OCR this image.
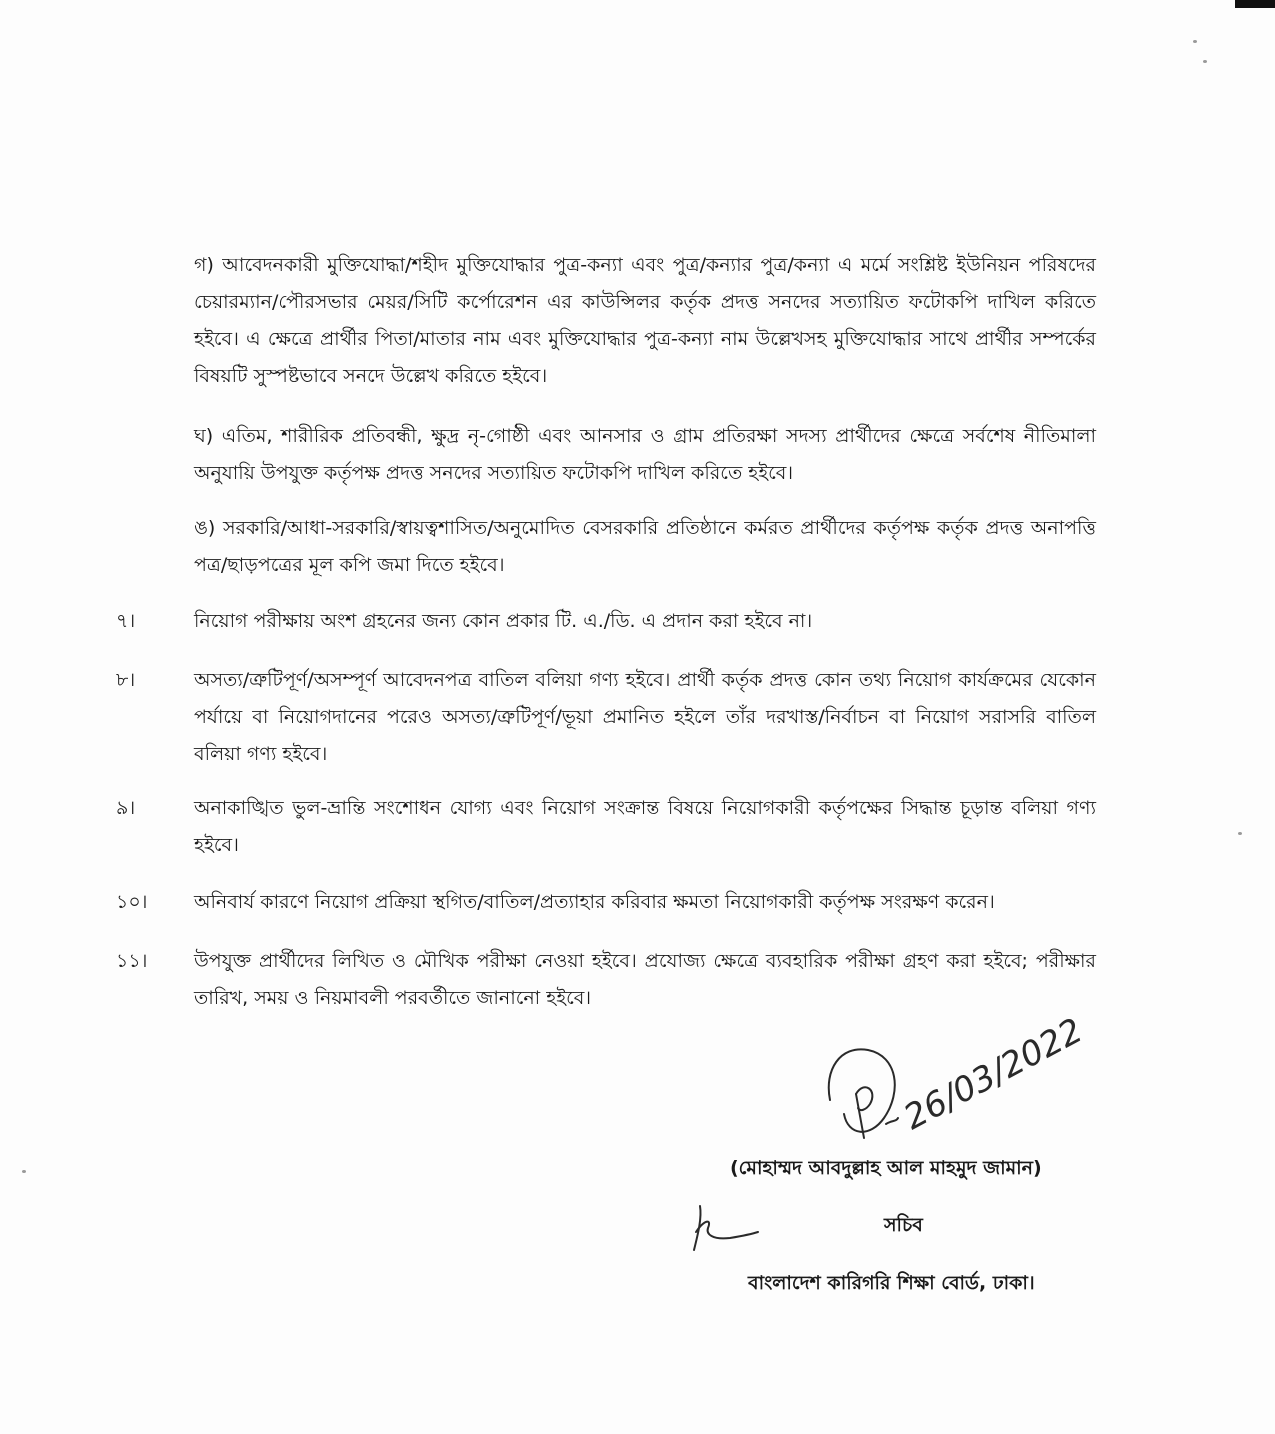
গ) আবেদনকারী মুক্তিযোদ্ধা/শহীদ মুক্তিযোদ্ধার পুত্র-কন্যা এবং পুত্র/কন্যার পুত্র/কন্যা এ মর্মে সংশ্লিষ্ট ইউনিয়ন পরিষদের চেয়ারম্যান/পৌরসভার মেয়র/সিটি কর্পোরেশন এর কাউন্সিলর কর্তৃক প্রদত্ত সনদের সত্যায়িত ফটোকপি দাখিল করিতে হইবে। এ ক্ষেত্রে প্রার্থীর পিতা/মাতার নাম এবং মুক্তিযোদ্ধার পুত্র-কন্যা নাম উল্লেখসহ মুক্তিযোদ্ধার সাথে প্রার্থীর সম্পর্কের বিষয়টি সুস্পষ্টভাবে সনদে উল্লেখ করিতে হইবে।

ঘ) এতিম, শারীরিক প্রতিবন্ধী, ক্ষুদ্র নৃ-গোষ্ঠী এবং আনসার ও গ্রাম প্রতিরক্ষা সদস্য প্রার্থীদের ক্ষেত্রে সর্বশেষ নীতিমালা অনুযায়ি উপযুক্ত কর্তৃপক্ষ প্রদত্ত সনদের সত্যায়িত ফটোকপি দাখিল করিতে হইবে।

ঙ) সরকারি/আধা-সরকারি/স্বায়ত্বশাসিত/অনুমোদিত বেসরকারি প্রতিষ্ঠানে কর্মরত প্রার্থীদের কর্তৃপক্ষ কর্তৃক প্রদত্ত অনাপত্তি পত্র/ছাড়পত্রের মূল কপি জমা দিতে হইবে।

৭।	নিয়োগ পরীক্ষায় অংশ গ্রহনের জন্য কোন প্রকার টি. এ./ডি. এ প্রদান করা হইবে না।

৮।	অসত্য/ত্রুটিপূর্ণ/অসম্পূর্ণ আবেদনপত্র বাতিল বলিয়া গণ্য হইবে। প্রার্থী কর্তৃক প্রদত্ত কোন তথ্য নিয়োগ কার্যক্রমের যেকোন পর্যায়ে বা নিয়োগদানের পরেও অসত্য/ত্রুটিপূর্ণ/ভূয়া প্রমানিত হইলে তাঁর দরখাস্ত/নির্বাচন বা নিয়োগ সরাসরি বাতিল বলিয়া গণ্য হইবে।

৯।	অনাকাঙ্খিত ভুল-ভ্রান্তি সংশোধন যোগ্য এবং নিয়োগ সংক্রান্ত বিষয়ে নিয়োগকারী কর্তৃপক্ষের সিদ্ধান্ত চূড়ান্ত বলিয়া গণ্য হইবে।

১০। অনিবার্য কারণে নিয়োগ প্রক্রিয়া স্থগিত/বাতিল/প্রত্যাহার করিবার ক্ষমতা নিয়োগকারী কর্তৃপক্ষ সংরক্ষণ করেন।

১১। উপযুক্ত প্রার্থীদের লিখিত ও মৌখিক পরীক্ষা নেওয়া হইবে। প্রযোজ্য ক্ষেত্রে ব্যবহারিক পরীক্ষা গ্রহণ করা হইবে; পরীক্ষার তারিখ, সময় ও নিয়মাবলী পরবর্তীতে জানানো হইবে।

26/03/2022
(মোহাম্মদ আবদুল্লাহ আল মাহমুদ জামান)
সচিব
বাংলাদেশ কারিগরি শিক্ষা বোর্ড, ঢাকা।
